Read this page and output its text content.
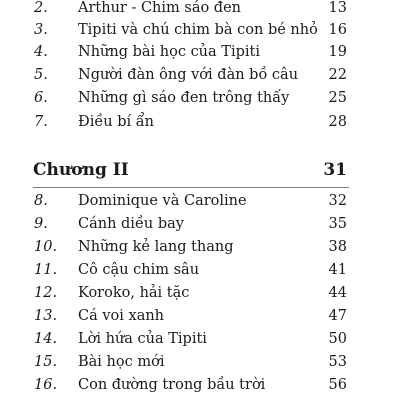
2. Arthur - Chim sáo đen	13
3. Tipiti và chú chim bà con bé nhỏ 16
4. Những bài học của Tipiti	19
5. Người đàn ông với đàn bồ câu 22
6. Những gì sáo đen trông thấy	25
7. Điều bí ẩn	28
Chương II	31
8. Dominique và Caroline	32
9. Cánh diều bay	35
10. Những kẻ lang thang	38
11. Cô cậu chim sâu	41
12. Koroko, hải tặc	44
13. Cá voi xanh	47
14. Lời hứa của Tipiti	50
15. Bài học mới	53
16. Con đường trong bầu trời	56
